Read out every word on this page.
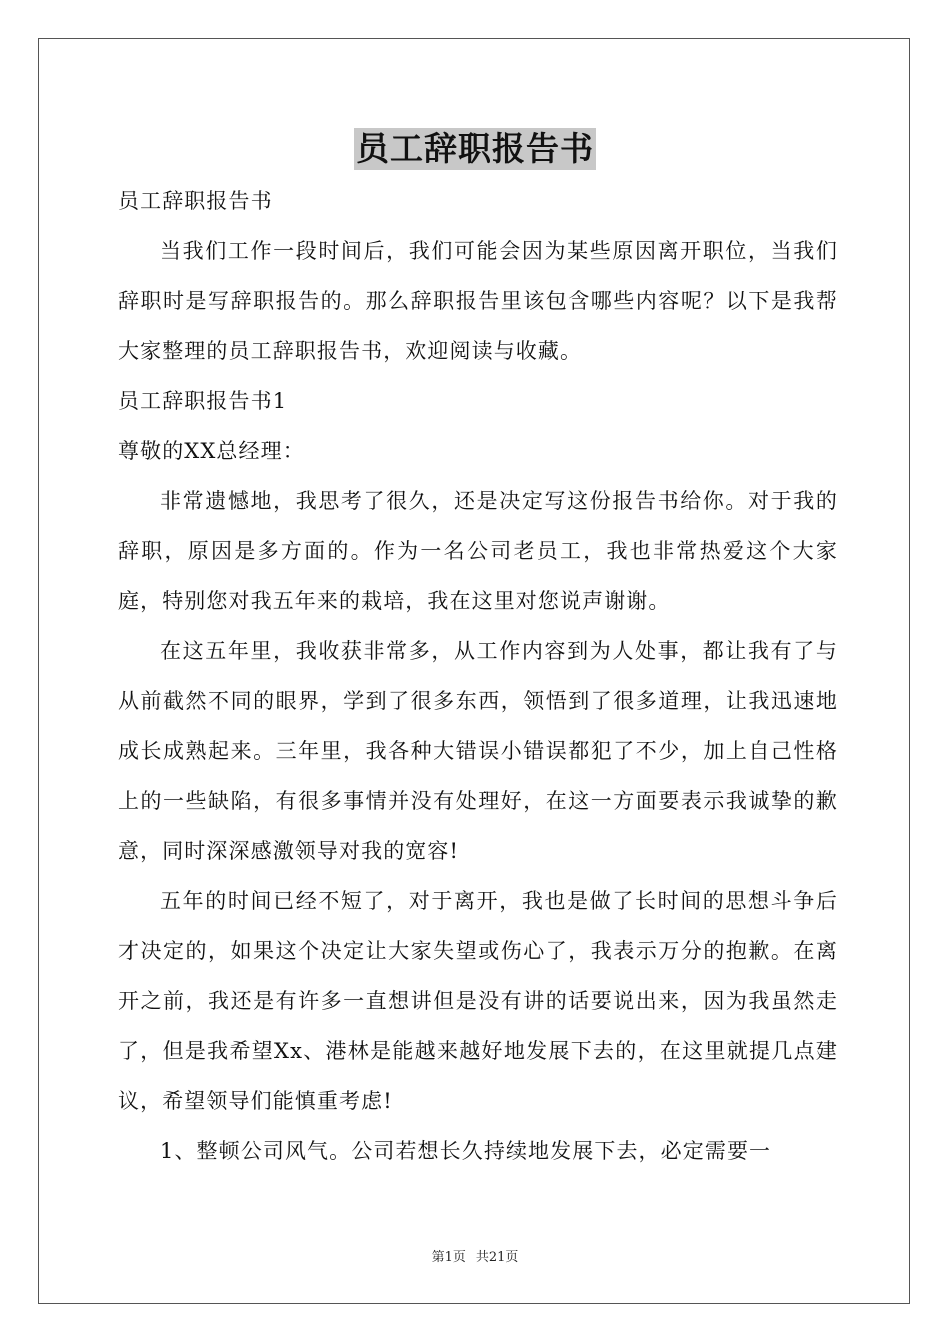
员工辞职报告书

员工辞职报告书

当我们工作一段时间后，我们可能会因为某些原因离开职位，当我们辞职时是写辞职报告的。那么辞职报告里该包含哪些内容呢？以下是我帮大家整理的员工辞职报告书，欢迎阅读与收藏。

员工辞职报告书1

尊敬的XX总经理：

非常遗憾地，我思考了很久，还是决定写这份报告书给你。对于我的辞职，原因是多方面的。作为一名公司老员工，我也非常热爱这个大家庭，特别您对我五年来的栽培，我在这里对您说声谢谢。

在这五年里，我收获非常多，从工作内容到为人处事，都让我有了与从前截然不同的眼界，学到了很多东西，领悟到了很多道理，让我迅速地成长成熟起来。三年里，我各种大错误小错误都犯了不少，加上自己性格上的一些缺陷，有很多事情并没有处理好，在这一方面要表示我诚挚的歉意，同时深深感激领导对我的宽容!

五年的时间已经不短了，对于离开，我也是做了长时间的思想斗争后才决定的，如果这个决定让大家失望或伤心了，我表示万分的抱歉。在离开之前，我还是有许多一直想讲但是没有讲的话要说出来，因为我虽然走了，但是我希望Xx、港林是能越来越好地发展下去的，在这里就提几点建议，希望领导们能慎重考虑!

1、整顿公司风气。公司若想长久持续地发展下去，必定需要一

第1页 共21页
